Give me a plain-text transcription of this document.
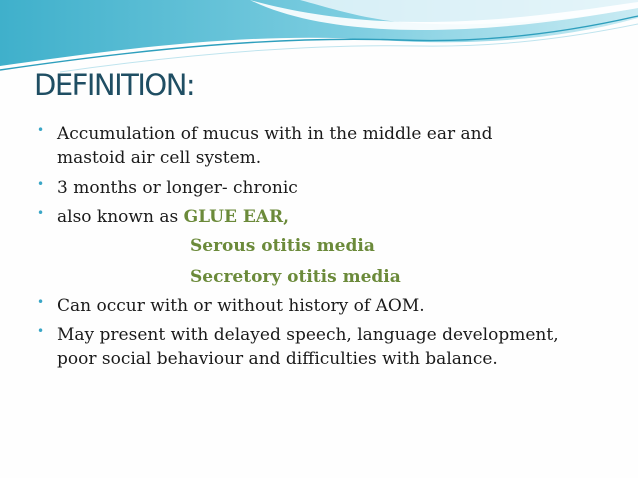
DEFINITION:
• Accumulation of mucus with in the middle ear and
mastoid air cell system.
• 3 months or longer- chronic
• also known as GLUE EAR,
Serous otitis media
Secretory otitis media
• Can occur with or without history of AOM.
• May present with delayed speech, language development,
poor social behaviour and difficulties with balance.
